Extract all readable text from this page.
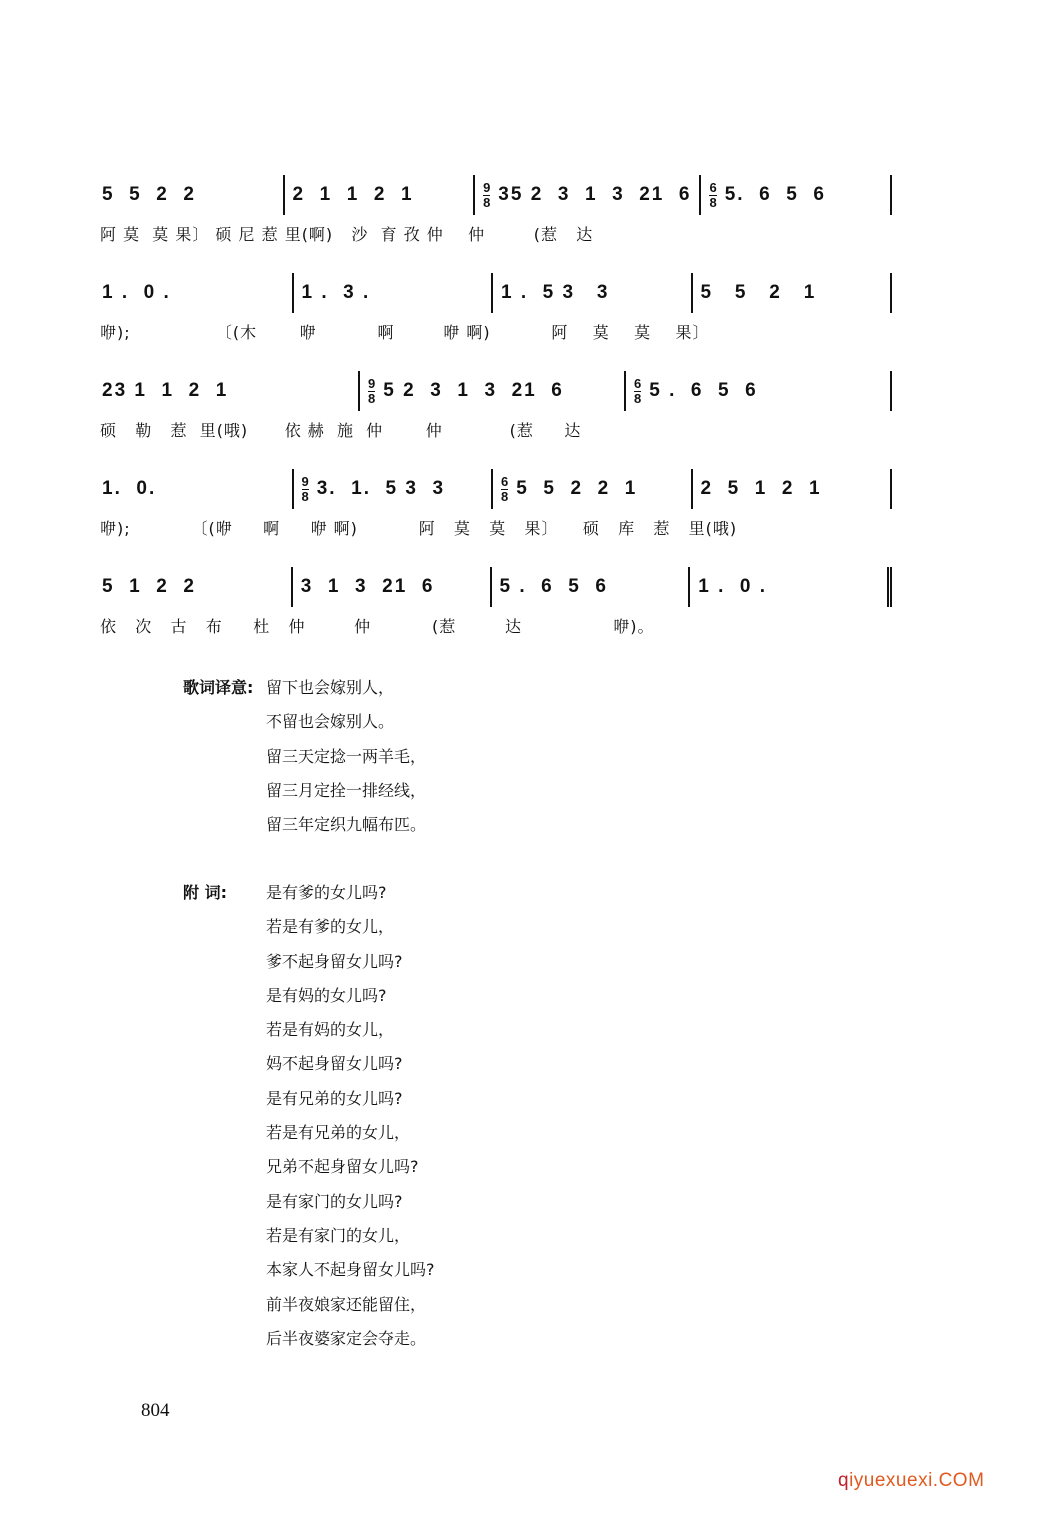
5  5  2  2	2  1  1  2  1	$\frac{9}{8} 35$ 2  3  1  3  21  $6 \frac{6}{8} 5$.  6  5  6
阿 莫  莫 果〕 硕 尼 惹 里(啊)   沙  育 孜 仲    仲        (惹   达
1 .  0 .	1 .  3 .	1 .  5 3   3	5   5   2   1
咿);              〔(木       咿          啊        咿 啊)          阿    莫    莫    果〕
23 1  1  2  1	$\frac{9}{8} 5$ 2  3  1  3  21  6	$\frac{6}{8} 5$ .  6  5  6
硕   勒   惹  里(哦)      依 赫  施  仲       仲           (惹     达
1.  0.	$\frac{9}{8} 3$.  1.  5 3  3	$\frac{6}{8} 5$  5  2  2  1	2  5  1  2  1
咿);          〔(咿     啊     咿 啊)          阿   莫   莫   果〕    硕   库   惹   里(哦)
5  1  2  2	3  1  3  21  6	5 .  6  5  6	1 .  0 .
依   次   古   布     杜   仲        仲          (惹        达               咿)。
歌词译意: 留下也会嫁别人，
不留也会嫁别人。
留三天定捻一两羊毛，
留三月定拴一排经线，
留三年定织九幅布匹。
附 词: 是有爹的女儿吗?
若是有爹的女儿，
爹不起身留女儿吗?
是有妈的女儿吗?
若是有妈的女儿，
妈不起身留女儿吗?
是有兄弟的女儿吗?
若是有兄弟的女儿，
兄弟不起身留女儿吗?
是有家门的女儿吗?
若是有家门的女儿，
本家人不起身留女儿吗?
前半夜娘家还能留住，
后半夜婆家定会夺走。
804
qiyuexuexi.COM
